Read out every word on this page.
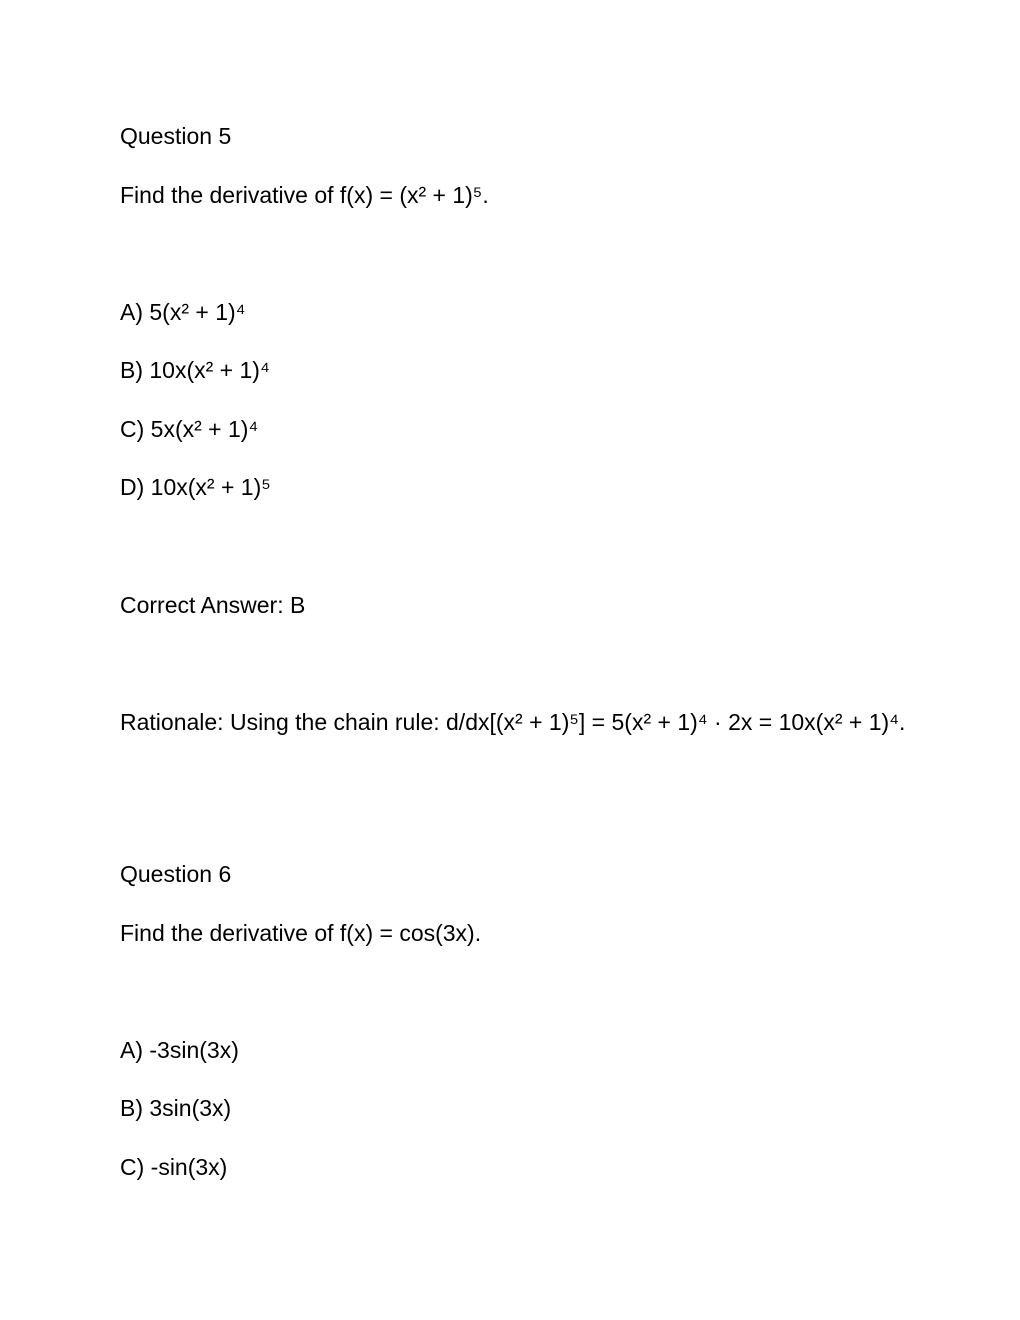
Question 5
Find the derivative of f(x) = (x² + 1)⁵.
A) 5(x² + 1)⁴
B) 10x(x² + 1)⁴
C) 5x(x² + 1)⁴
D) 10x(x² + 1)⁵
Correct Answer: B
Rationale: Using the chain rule: d/dx[(x² + 1)⁵] = 5(x² + 1)⁴ · 2x = 10x(x² + 1)⁴.
Question 6
Find the derivative of f(x) = cos(3x).
A) -3sin(3x)
B) 3sin(3x)
C) -sin(3x)
